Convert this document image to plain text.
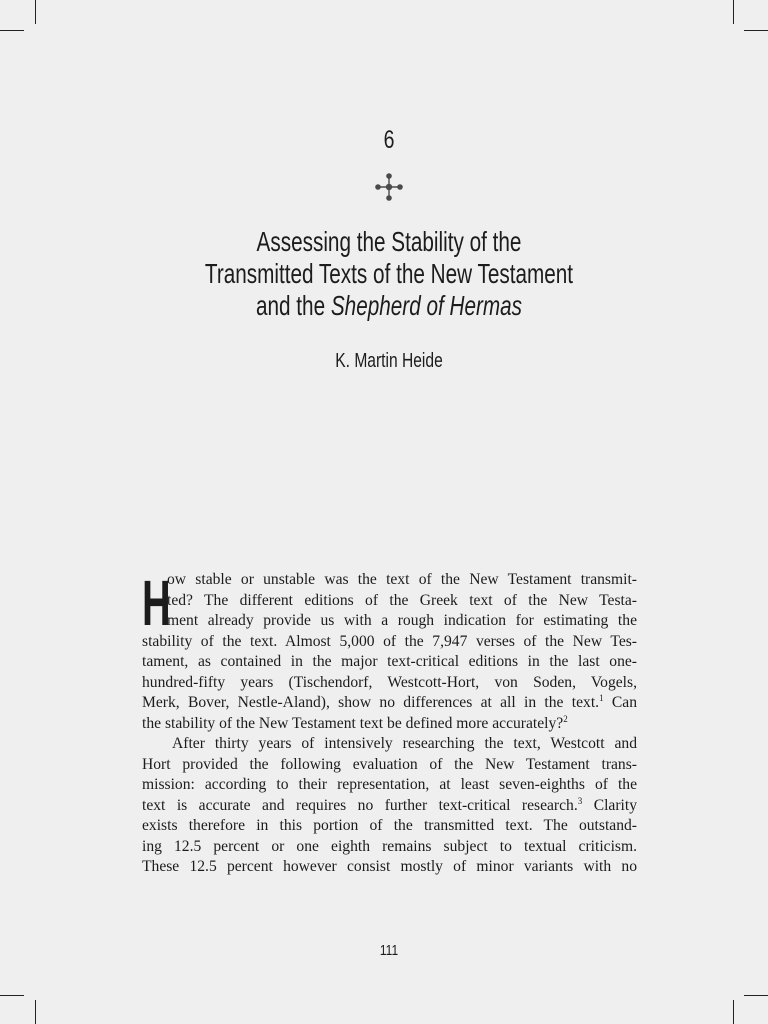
6
Assessing the Stability of the
Transmitted Texts of the New Testament
and the Shepherd of Hermas
K. Martin Heide
H
ow stable or unstable was the text of the New Testament transmit-
ted? The different editions of the Greek text of the New Testa-
ment already provide us with a rough indication for estimating the
stability of the text. Almost 5,000 of the 7,947 verses of the New Tes-
tament, as contained in the major text-critical editions in the last one-
hundred-fifty years (Tischendorf, Westcott-Hort, von Soden, Vogels,
Merk, Bover, Nestle-Aland), show no differences at all in the text.$^1$ Can
the stability of the New Testament text be defined more accurately?$^2$
After thirty years of intensively researching the text, Westcott and
Hort provided the following evaluation of the New Testament trans-
mission: according to their representation, at least seven-eighths of the
text is accurate and requires no further text-critical research.$^3$ Clarity
exists therefore in this portion of the transmitted text. The outstand-
ing 12.5 percent or one eighth remains subject to textual criticism.
These 12.5 percent however consist mostly of minor variants with no
111
